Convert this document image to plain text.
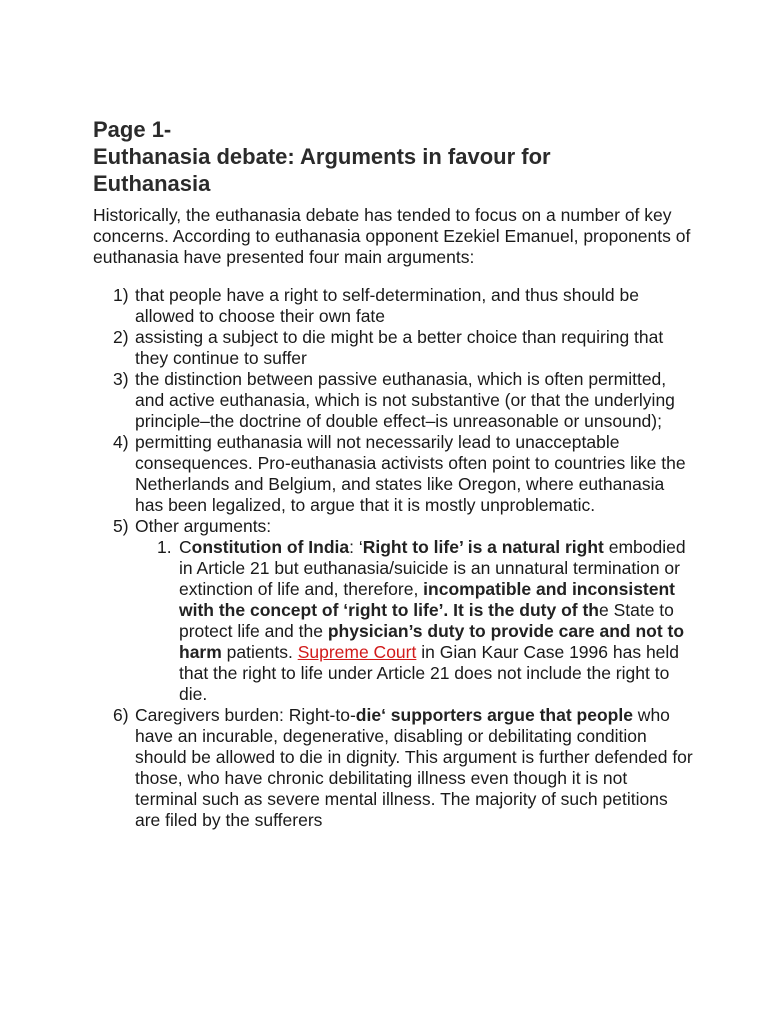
Page 1-
Euthanasia debate: Arguments in favour for
Euthanasia

Historically, the euthanasia debate has tended to focus on a number of key concerns. According to euthanasia opponent Ezekiel Emanuel, proponents of euthanasia have presented four main arguments:

1) that people have a right to self-determination, and thus should be allowed to choose their own fate
2) assisting a subject to die might be a better choice than requiring that they continue to suffer
3) the distinction between passive euthanasia, which is often permitted, and active euthanasia, which is not substantive (or that the underlying principle–the doctrine of double effect–is unreasonable or unsound);
4) permitting euthanasia will not necessarily lead to unacceptable consequences. Pro-euthanasia activists often point to countries like the Netherlands and Belgium, and states like Oregon, where euthanasia has been legalized, to argue that it is mostly unproblematic.
5) Other arguments:
1. Constitution of India: ‘Right to life’ is a natural right embodied in Article 21 but euthanasia/suicide is an unnatural termination or extinction of life and, therefore, incompatible and inconsistent with the concept of ‘right to life’. It is the duty of the State to protect life and the physician’s duty to provide care and not to harm patients. Supreme Court in Gian Kaur Case 1996 has held that the right to life under Article 21 does not include the right to die.
6) Caregivers burden: Right-to-die‘ supporters argue that people who have an incurable, degenerative, disabling or debilitating condition should be allowed to die in dignity. This argument is further defended for those, who have chronic debilitating illness even though it is not terminal such as severe mental illness. The majority of such petitions are filed by the sufferers
